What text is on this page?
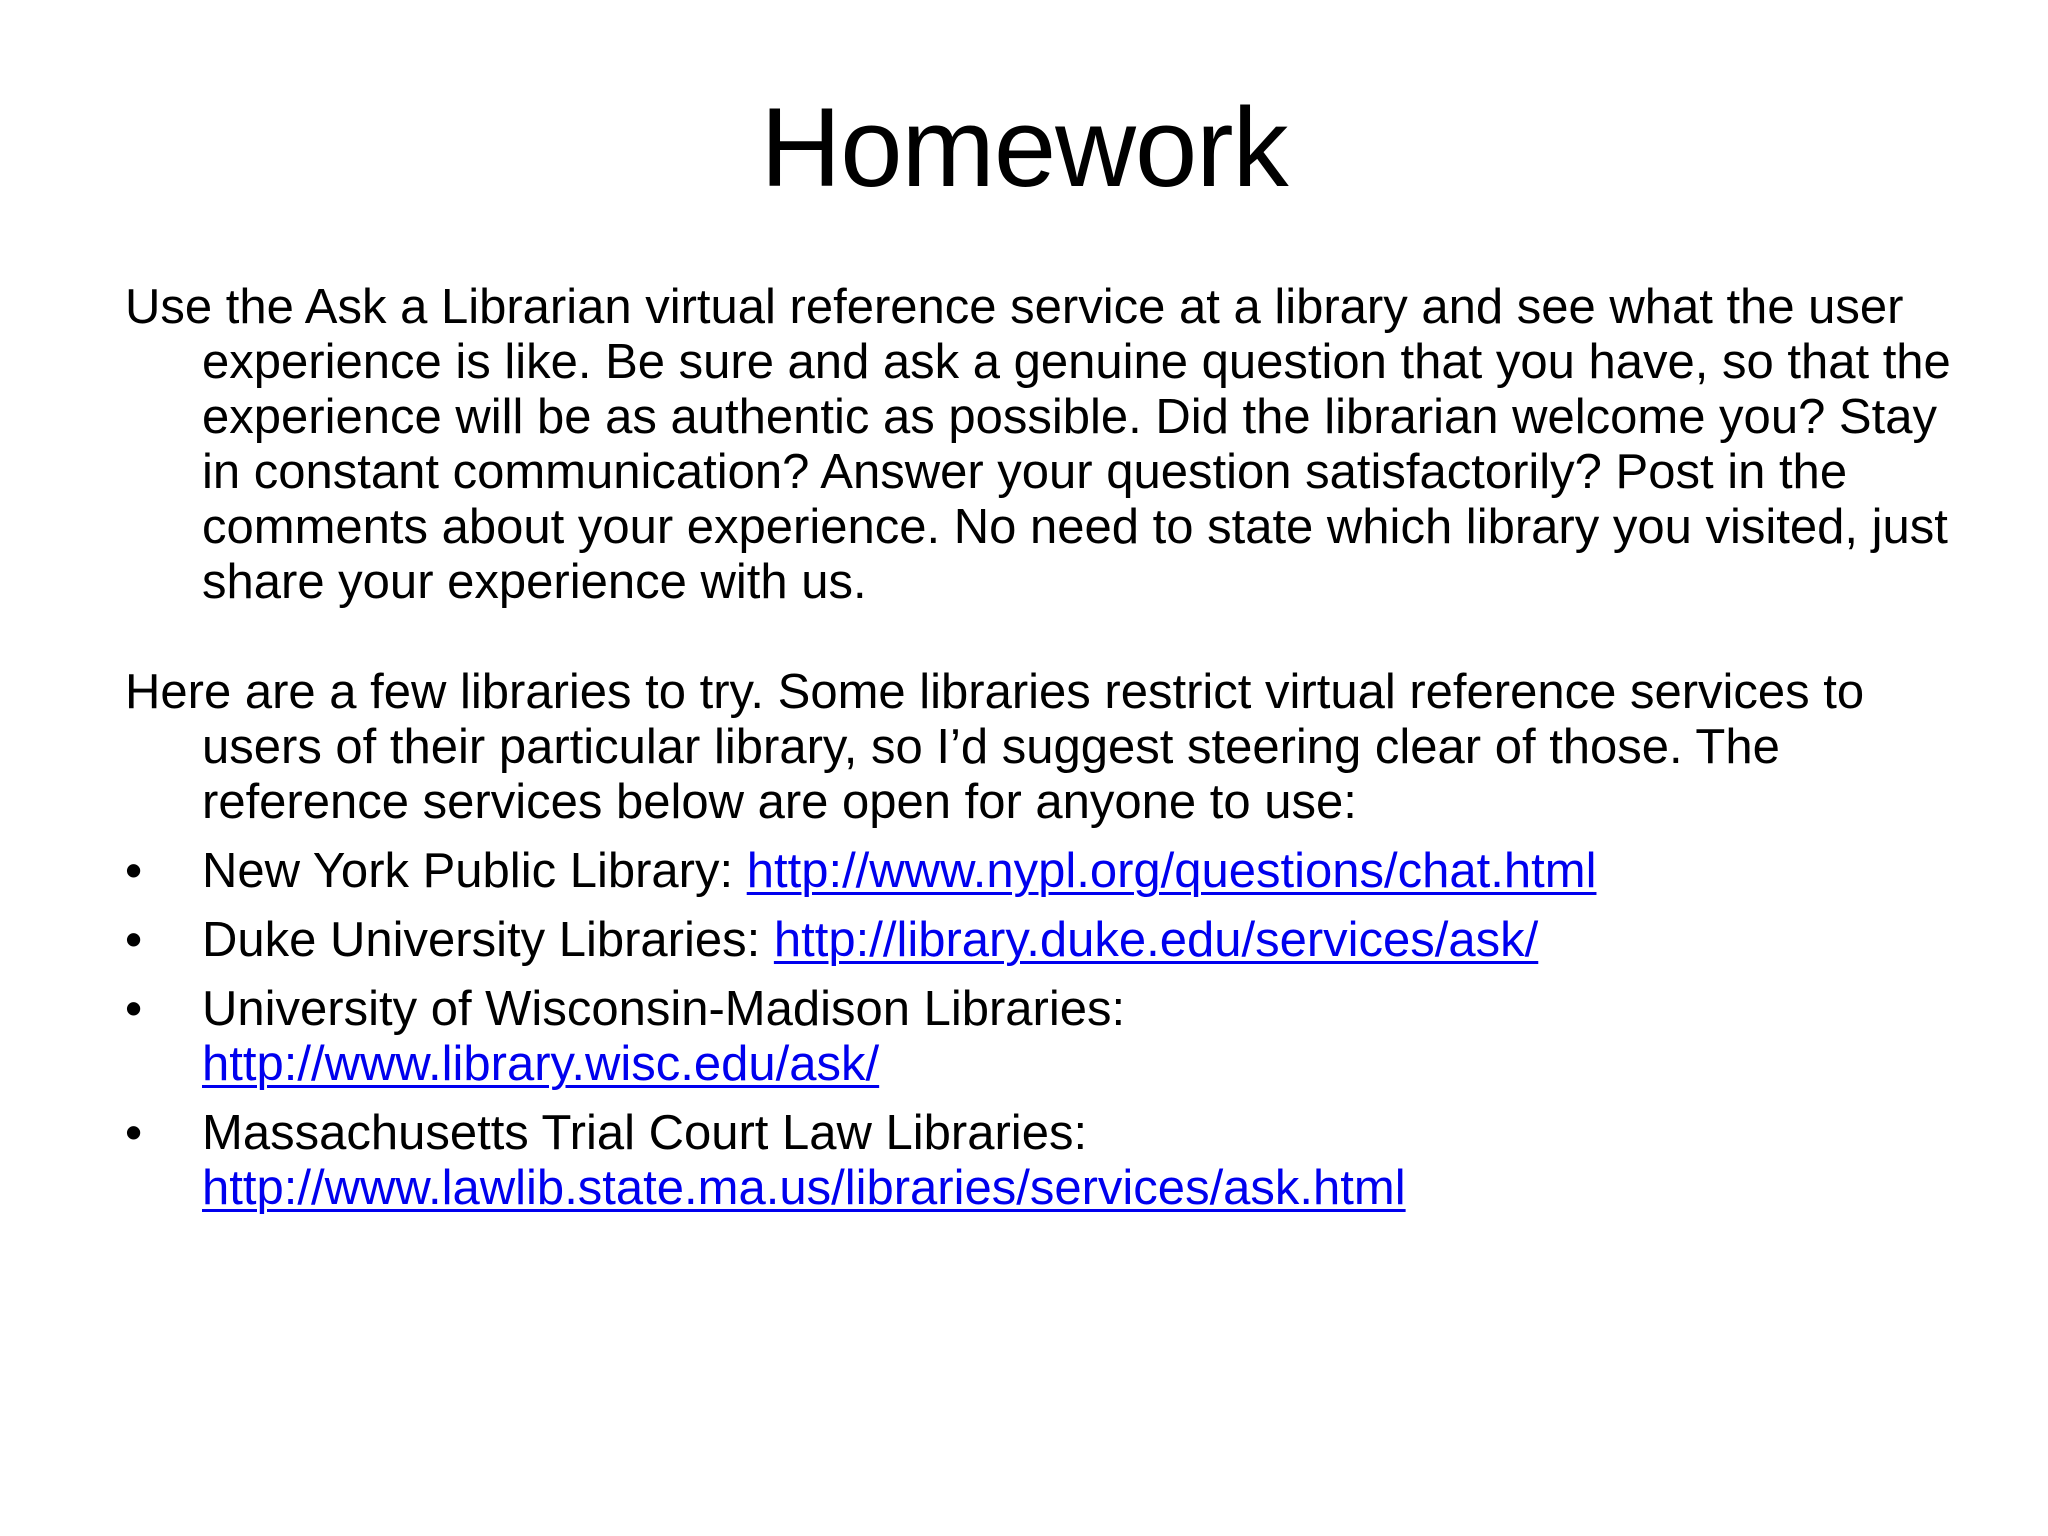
Homework

Use the Ask a Librarian virtual reference service at a library and see what the user experience is like. Be sure and ask a genuine question that you have, so that the experience will be as authentic as possible. Did the librarian welcome you? Stay in constant communication? Answer your question satisfactorily? Post in the comments about your experience. No need to state which library you visited, just share your experience with us.

Here are a few libraries to try. Some libraries restrict virtual reference services to users of their particular library, so I’d suggest steering clear of those. The reference services below are open for anyone to use:

•	New York Public Library: http://www.nypl.org/questions/chat.html
•	Duke University Libraries: http://library.duke.edu/services/ask/
•	University of Wisconsin-Madison Libraries:
http://www.library.wisc.edu/ask/
•	Massachusetts Trial Court Law Libraries:
http://www.lawlib.state.ma.us/libraries/services/ask.html
